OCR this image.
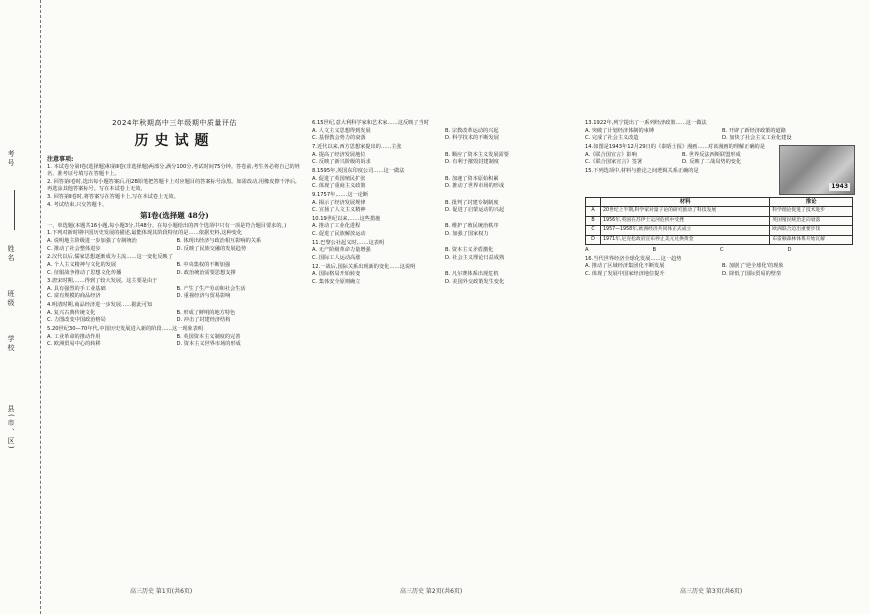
考号
姓名
班级
学校
县(市、区)
2024年秋期高中三年级期中质量评估
历史试题
注意事项:
1. 本试卷分第Ⅰ卷(选择题)和第Ⅱ卷(非选择题)两部分,满分100分,考试时间75分钟。答卷前,考生务必将自己的姓名、准考证号填写在答题卡上。
2. 回答第Ⅰ卷时,选出每小题答案后,用2B铅笔把答题卡上对应题目的答案标号涂黑。如需改动,用橡皮擦干净后,再选涂其他答案标号。写在本试卷上无效。
3. 回答第Ⅱ卷时,将答案写在答题卡上,写在本试卷上无效。
4. 考试结束,只交答题卡。
第Ⅰ卷(选择题 48分)
一、单选题(本题共16小题,每小题3分,共48分。在每小题给出的四个选项中只有一项是符合题目要求的。)

1.下列对新时期中国历史发展的描述,最能体现其阶段特征的是……依据史料,这种变化

A. 说明地主阶级进一步加强了专制统治	B. 体现出经济与政治相互影响的关系
C. 推动了社会整体进步	D. 反映了民族交融的发展趋势

2.汉代以后,儒家思想逐渐成为主流……这一变化反映了

A. 个人主义精神与文化的发展	B. 中央集权的不断加强
C. 征服战争推动了思想文化传播	D. 政治统治需要思想支撑

3.唐宋时期,……得到了较大发展。这主要是由于

A. 具有强烈的手工业基础	B. 产生了生产劳动和社会生活
C. 富有规模的商品经济	D. 重视经济与贸易影响

4.明清时期,商品经济进一步发展……据此可知

A. 复兴古典传统文化	B. 形成了鲜明的地方特色
C. 力图改变中国政治格局	D. 冲击了封建经济结构

5.20世纪30—70年代,中国历史发展进入新的阶段……这一现象表明

A. 工业革命的推动作用	B. 英国资本主义制度的完善
C. 欧洲贸易中心的转移	D. 资本主义世界市场的形成

6.15世纪,意大利科学家和艺术家……这反映了当时

A. 人文主义思想得到发展	B. 宗教改革运动的兴起
C. 基督教会势力的衰落	D. 科学技术的不断发展

7.近代以来,西方思想家提出的……主张

A. 提高了经济发展地位	B. 顺应了资本主义发展需要
C. 反映了新兴阶级的诉求	D. 有利于摧毁封建制度

8.1595年,英国东印度公司……这一做法

A. 促进了英国殖民扩张	B. 加速了资本原始积累
C. 体现了重商主义政策	D. 推动了世界市场的形成

9.1757年,……这一论断

A. 揭示了经济发展规律	B. 批判了封建专制制度
C. 宣扬了人文主义精神	D. 促进了启蒙运动的兴起

10.19世纪以来,……这些措施

A. 推动了工业化进程	B. 维护了殖民统治秩序
C. 促进了民族解放运动	D. 加强了国家权力

11.巴黎公社起义时,……这表明

A. 无产阶级革命力量增强	B. 资本主义矛盾激化
C. 国际工人运动高涨	D. 社会主义理论日益成熟

12.一战后,国际关系出现新的变化……这说明

A. 国际格局开始转变	B. 凡尔赛体系出现危机
C. 集体安全原则确立	D. 美国外交政策发生变化

13.1922年,列宁提出了一系列经济政策……这一做法

A. 突破了计划经济体制的束缚	B. 开辟了新经济政策的道路
C. 完成了社会主义改造	D. 加快了社会主义工业化建设
1943

14.如图是1943年12月29日的《泰晤士报》漫画……对该漫画的理解正确的是

A.《联合国宣言》影响	B. 世界反法西斯联盟形成
C.《联合国家宣言》签署	D. 反映了二战局势的变化

15.下列选项中,材料与推论之间逻辑关系正确的是

	材料	推论
A	20世纪上半期,科学家对量子论的研究推动了科技发展	科学理论促进了技术进步
B	1956年,英国在苏伊士运河危机中受挫	英国殖民统治走向衰落
C	1957—1958年,欧洲经济共同体正式成立	欧洲联合迈出重要步伐
D	1971年,尼克松政府宣布停止美元兑换黄金	布雷顿森林体系开始瓦解
A	B	C	D

16.当代世界经济全球化发展……这一趋势

A. 推动了区域经济集团化不断发展	B. 加剧了'逆全球化'的现象
C. 体现了发展中国家经济地位提升	D. 降低了国际贸易的壁垒
高三历史 第1页(共6页)	高三历史 第2页(共6页)	高三历史 第3页(共6页)
